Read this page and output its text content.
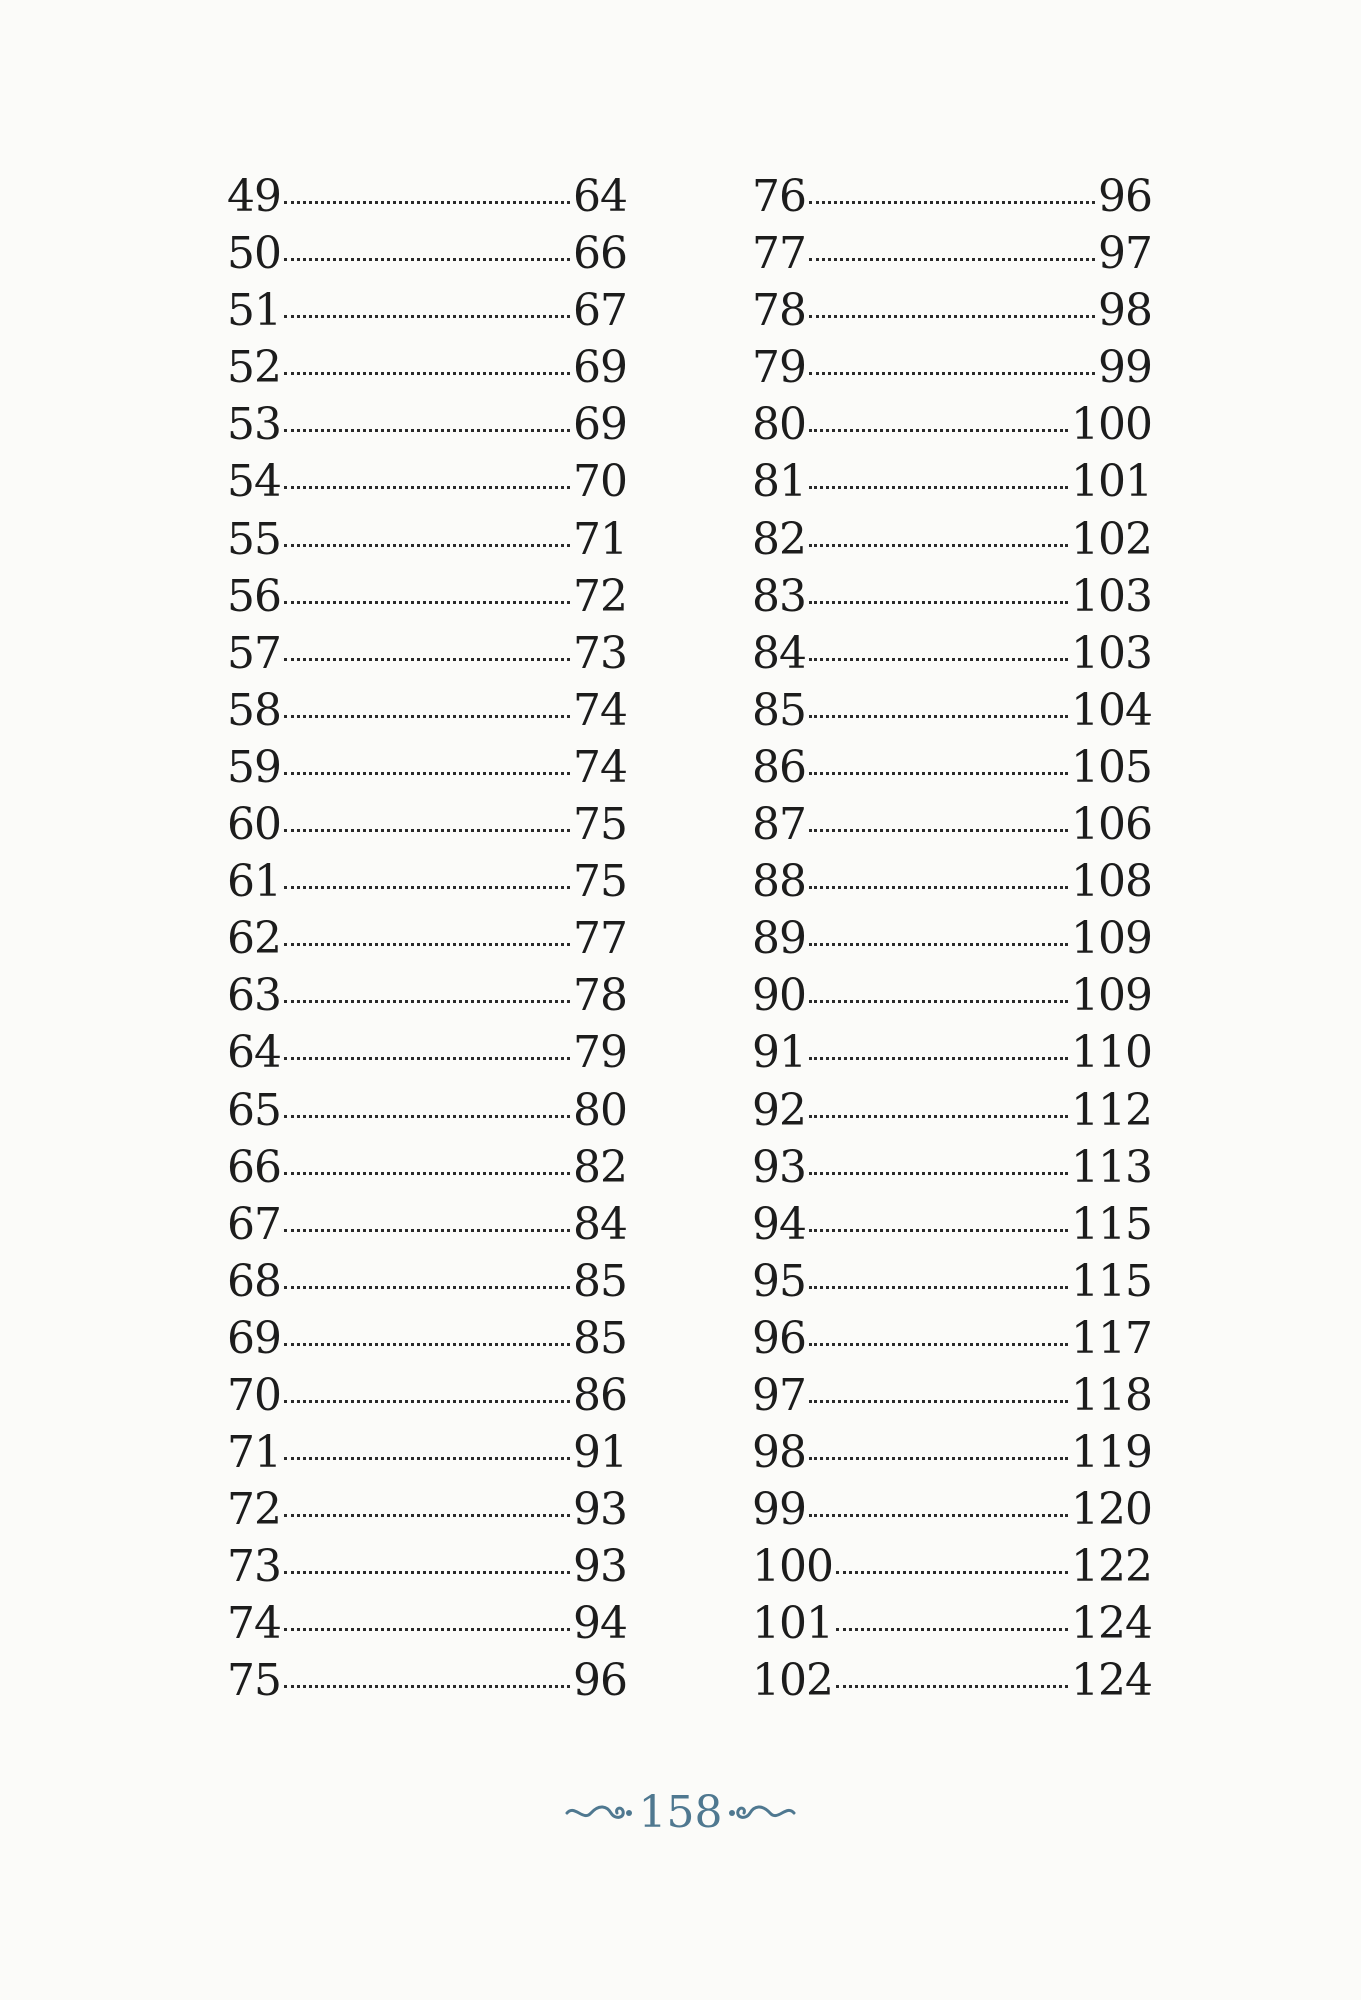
49	64
50	66
51	67
52	69
53	69
54	70
55	71
56	72
57	73
58	74
59	74
60	75
61	75
62	77
63	78
64	79
65	80
66	82
67	84
68	85
69	85
70	86
71	91
72	93
73	93
74	94
75	96
76	96
77	97
78	98
79	99
80	100
81	101
82	102
83	103
84	103
85	104
86	105
87	106
88	108
89	109
90	109
91	110
92	112
93	113
94	115
95	115
96	117
97	118
98	119
99	120
100	122
101	124
102	124
158
